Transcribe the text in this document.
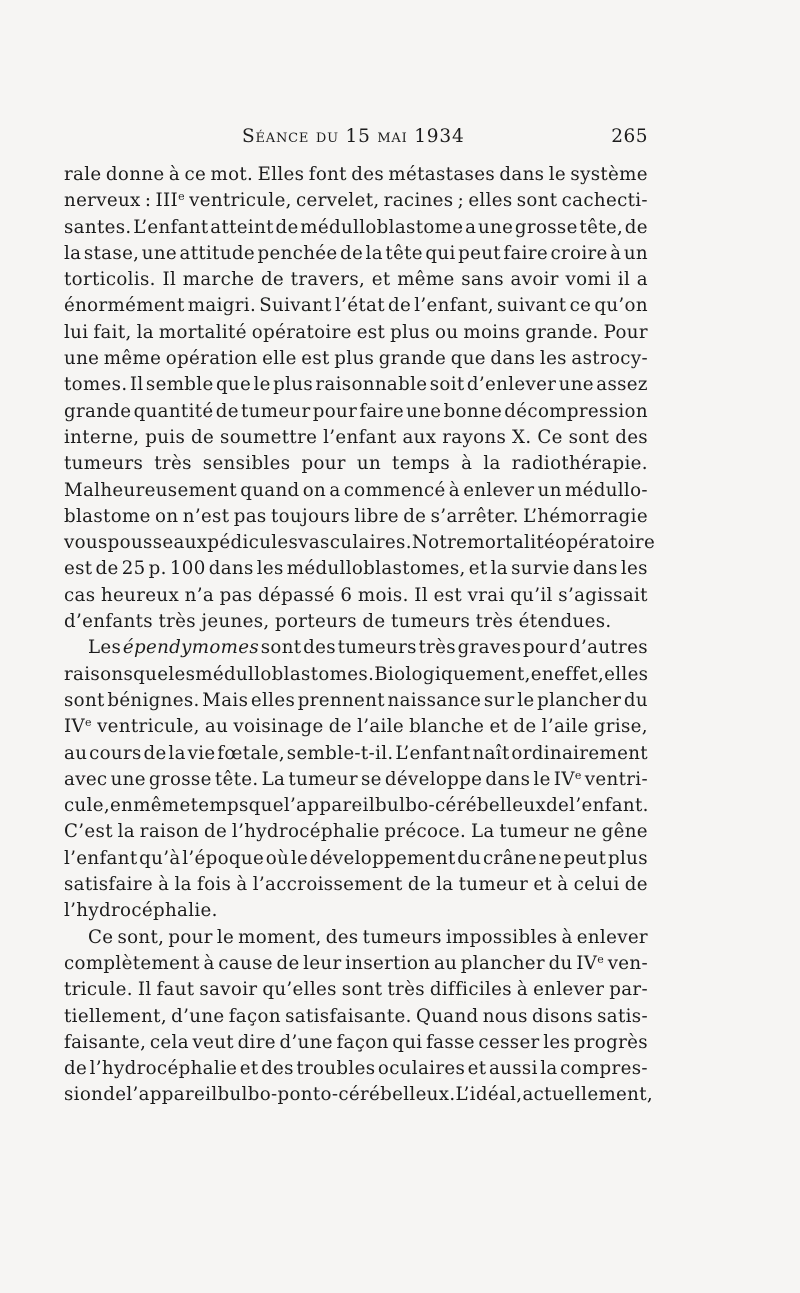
Séance du 15 mai 1934	265
rale donne à ce mot. Elles font des métastases dans le système
nerveux : IIIe ventricule, cervelet, racines ; elles sont cachecti-
santes. L’enfant atteint de médulloblastome a une grosse tête, de
la stase, une attitude penchée de la tête qui peut faire croire à un
torticolis. Il marche de travers, et même sans avoir vomi il a
énormément maigri. Suivant l’état de l’enfant, suivant ce qu’on
lui fait, la mortalité opératoire est plus ou moins grande. Pour
une même opération elle est plus grande que dans les astrocy-
tomes. Il semble que le plus raisonnable soit d’enlever une assez
grande quantité de tumeur pour faire une bonne décompression
interne, puis de soumettre l’enfant aux rayons X. Ce sont des
tumeurs très sensibles pour un temps à la radiothérapie.
Malheureusement quand on a commencé à enlever un médullo-
blastome on n’est pas toujours libre de s’arrêter. L’hémorragie
vous pousse aux pédicules vasculaires. Notre mortalité opératoire
est de 25 p. 100 dans les médulloblastomes, et la survie dans les
cas heureux n’a pas dépassé 6 mois. Il est vrai qu’il s’agissait
d’enfants très jeunes, porteurs de tumeurs très étendues.
Les épendymomes sont des tumeurs très graves pour d’autres
raisons que les médulloblastomes. Biologiquement, en effet, elles
sont bénignes. Mais elles prennent naissance sur le plancher du
IVe ventricule, au voisinage de l’aile blanche et de l’aile grise,
au cours de la vie fœtale, semble-t-il. L’enfant naît ordinairement
avec une grosse tête. La tumeur se développe dans le IVe ventri-
cule, en même temps que l’appareil bulbo-cérébelleux de l’enfant.
C’est la raison de l’hydrocéphalie précoce. La tumeur ne gêne
l’enfant qu’à l’époque où le développement du crâne ne peut plus
satisfaire à la fois à l’accroissement de la tumeur et à celui de
l’hydrocéphalie.
Ce sont, pour le moment, des tumeurs impossibles à enlever
complètement à cause de leur insertion au plancher du IVe ven-
tricule. Il faut savoir qu’elles sont très difficiles à enlever par-
tiellement, d’une façon satisfaisante. Quand nous disons satis-
faisante, cela veut dire d’une façon qui fasse cesser les progrès
de l’hydrocéphalie et des troubles oculaires et aussi la compres-
sion de l’appareil bulbo-ponto-cérébelleux. L’idéal, actuellement,
